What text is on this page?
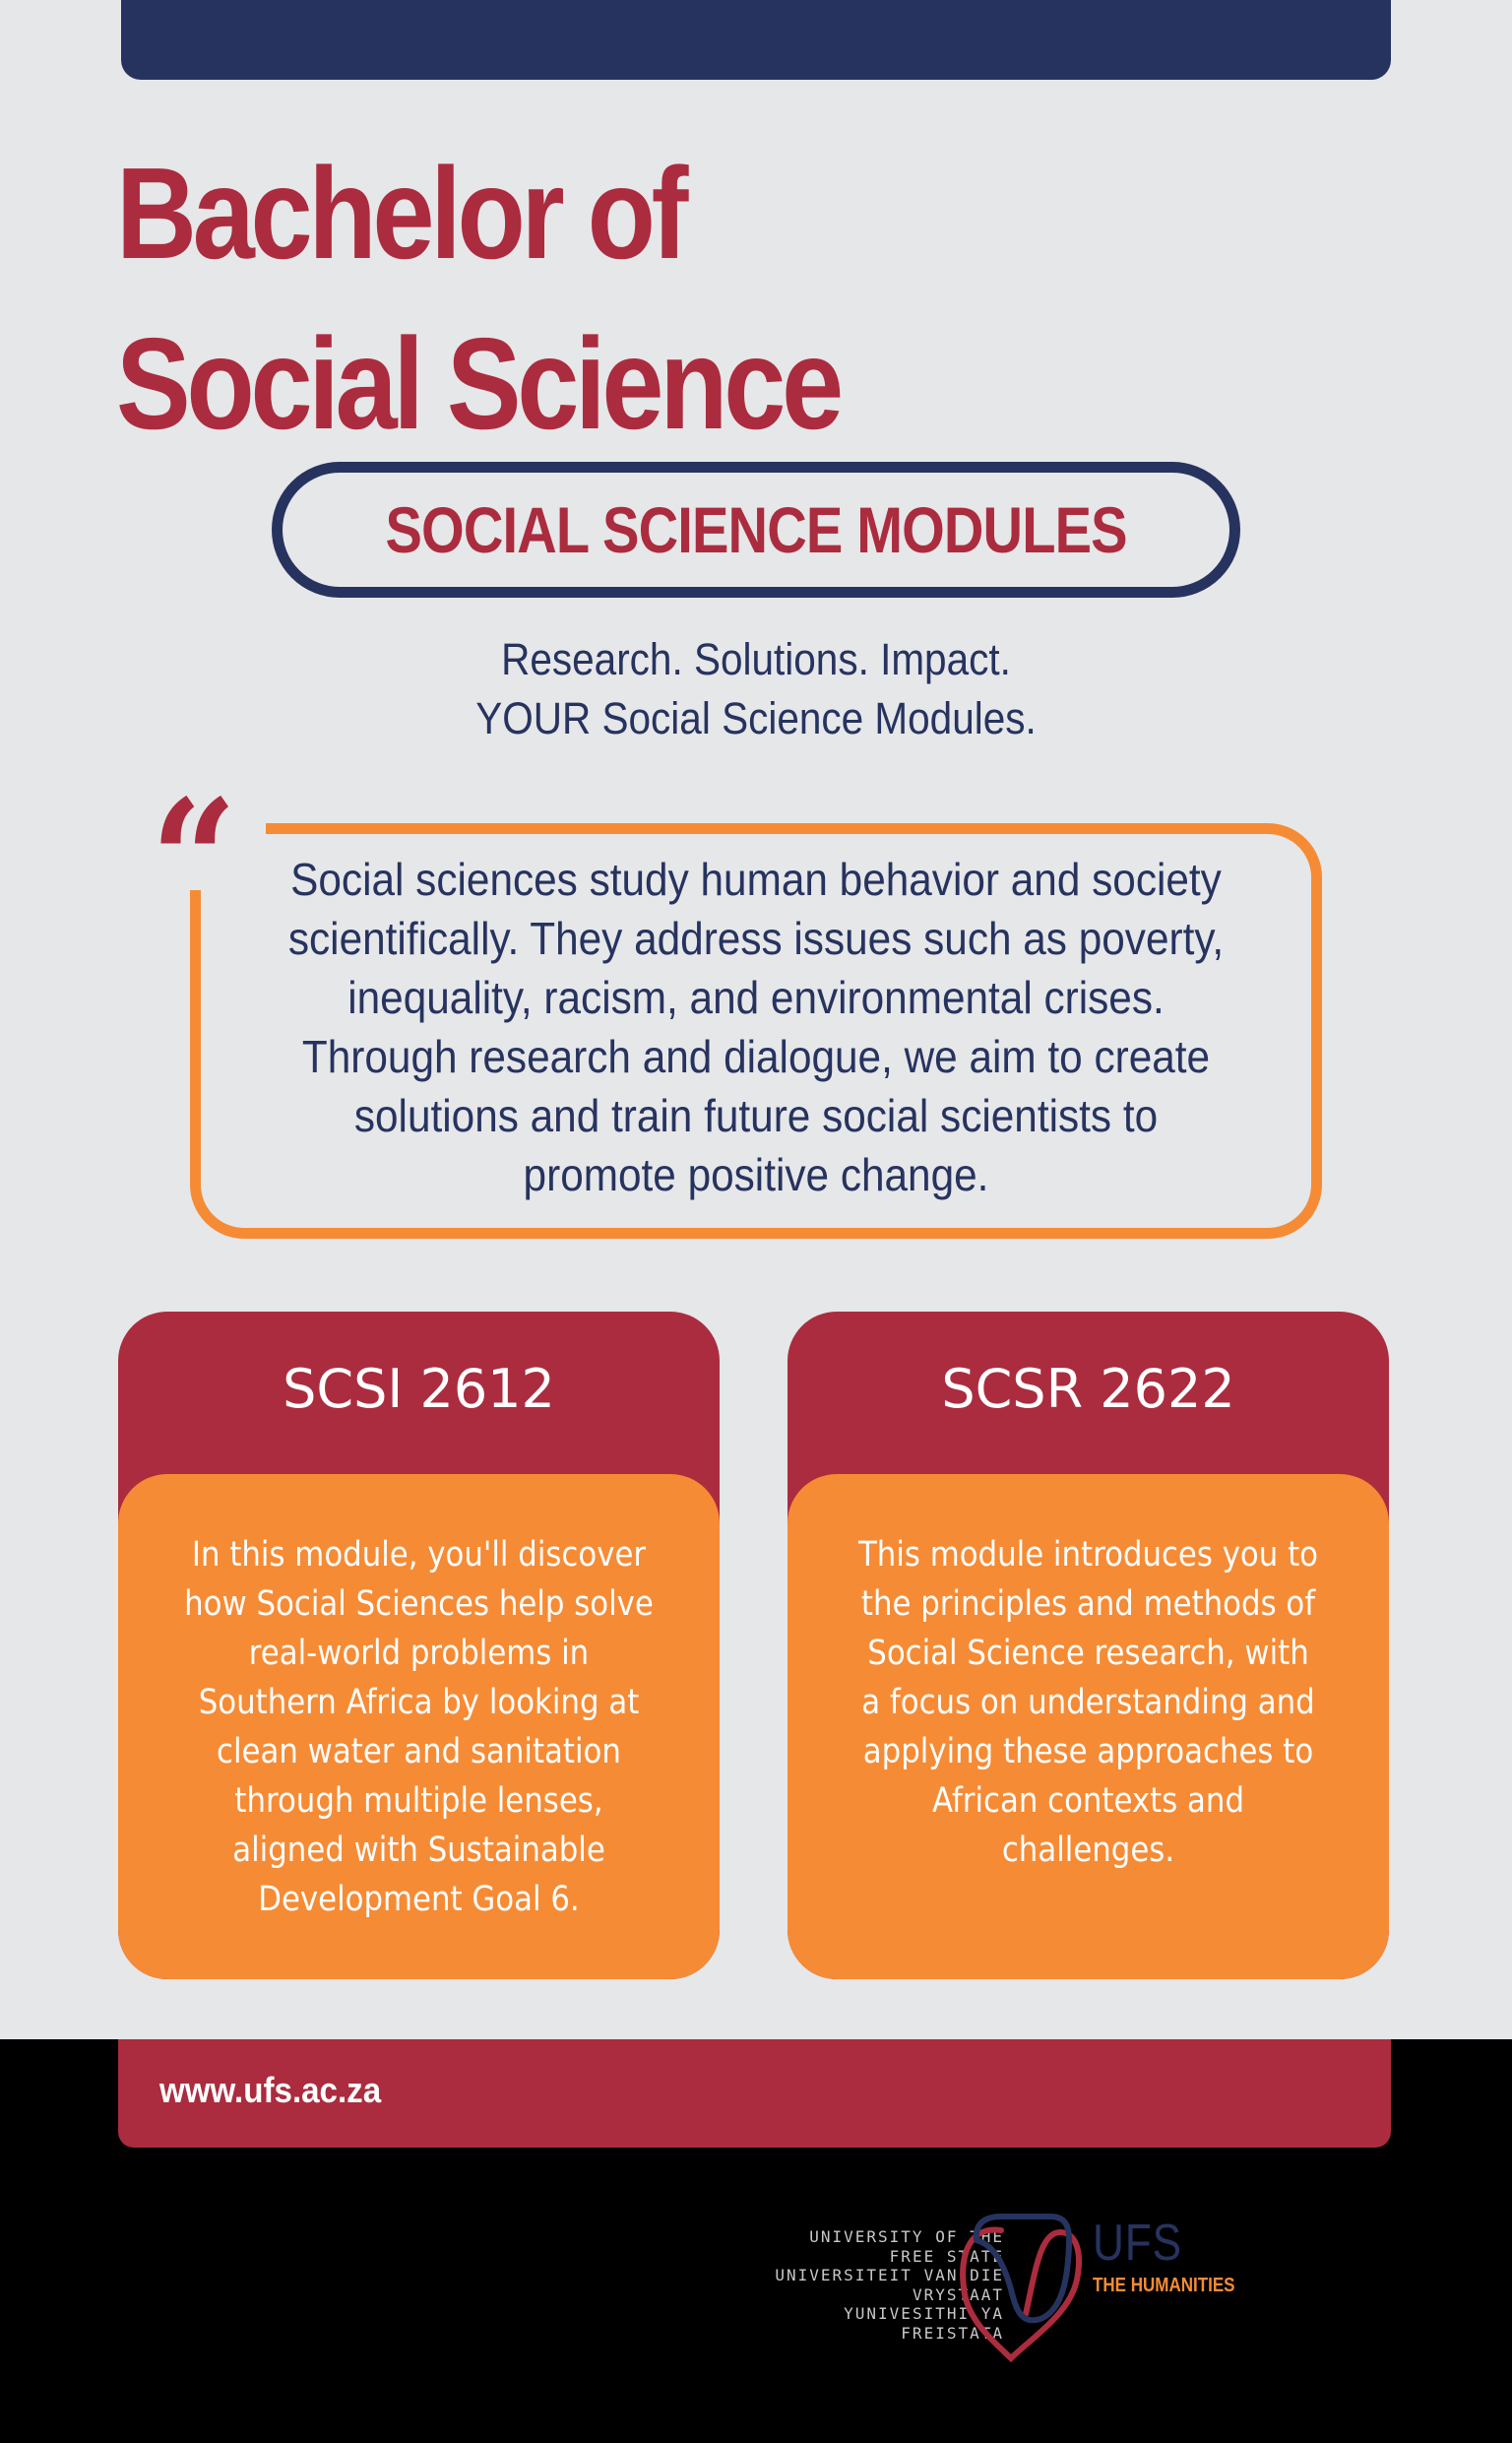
Bachelor of
Social Science
SOCIAL SCIENCE MODULES
Research. Solutions. Impact.
YOUR Social Science Modules.
“	Social sciences study human behavior and society
scientifically. They address issues such as poverty,
inequality, racism, and environmental crises.
Through research and dialogue, we aim to create
solutions and train future social scientists to
promote positive change.
SCSI 2612
In this module, you'll discover
how Social Sciences help solve
real-world problems in
Southern Africa by looking at
clean water and sanitation
through multiple lenses,
aligned with Sustainable
Development Goal 6.
SCSR 2622
This module introduces you to
the principles and methods of
Social Science research, with
a focus on understanding and
applying these approaches to
African contexts and
challenges.
www.ufs.ac.za
UNIVERSITY OF THE
FREE STATE
UNIVERSITEIT VAN DIE
VRYSTAAT
YUNIVESITHI YA
FREISTATA
UFS
THE HUMANITIES
